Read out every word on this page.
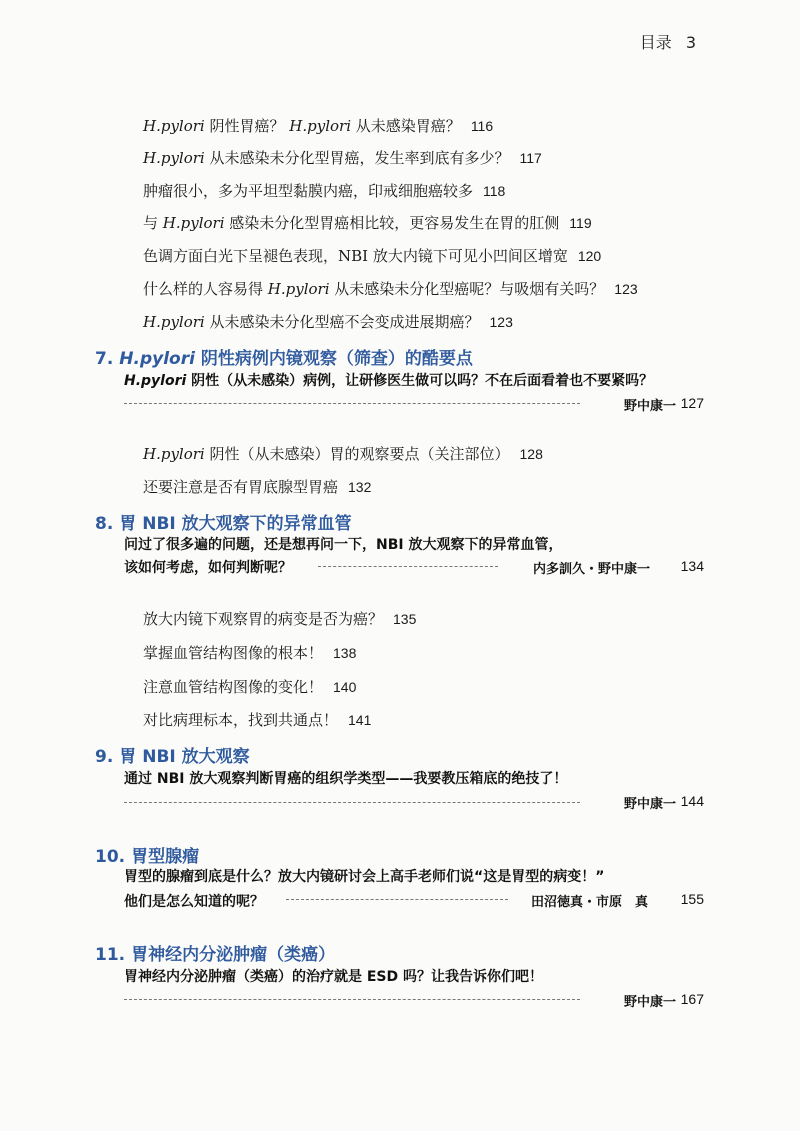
目录 3
H.pylori 阴性胃癌？ H.pylori 从未感染胃癌？ 116
H.pylori 从未感染未分化型胃癌，发生率到底有多少？ 117
肿瘤很小，多为平坦型黏膜内癌，印戒细胞癌较多 118
与 H.pylori 感染未分化型胃癌相比较，更容易发生在胃的肛侧 119
色调方面白光下呈褪色表现，NBI 放大内镜下可见小凹间区增宽 120
什么样的人容易得 H.pylori 从未感染未分化型癌呢？与吸烟有关吗？ 123
H.pylori 从未感染未分化型癌不会变成进展期癌？ 123
7. H.pylori 阴性病例内镜观察（筛查）的酷要点
H.pylori 阴性（从未感染）病例，让研修医生做可以吗？不在后面看着也不要紧吗？
野中康一 127
H.pylori 阴性（从未感染）胃的观察要点（关注部位） 128
还要注意是否有胃底腺型胃癌 132
8. 胃 NBI 放大观察下的异常血管
问过了很多遍的问题，还是想再问一下，NBI 放大观察下的异常血管，
该如何考虑，如何判断呢？	内多訓久・野中康一 134
放大内镜下观察胃的病变是否为癌？ 135
掌握血管结构图像的根本！ 138
注意血管结构图像的变化！ 140
对比病理标本，找到共通点！ 141
9. 胃 NBI 放大观察
通过 NBI 放大观察判断胃癌的组织学类型——我要教压箱底的绝技了！
野中康一 144
10. 胃型腺瘤
胃型的腺瘤到底是什么？放大内镜研讨会上高手老师们说“这是胃型的病变！”
他们是怎么知道的呢？	田沼徳真・市原　真 155
11. 胃神经内分泌肿瘤（类癌）
胃神经内分泌肿瘤（类癌）的治疗就是 ESD 吗？让我告诉你们吧！
野中康一 167
